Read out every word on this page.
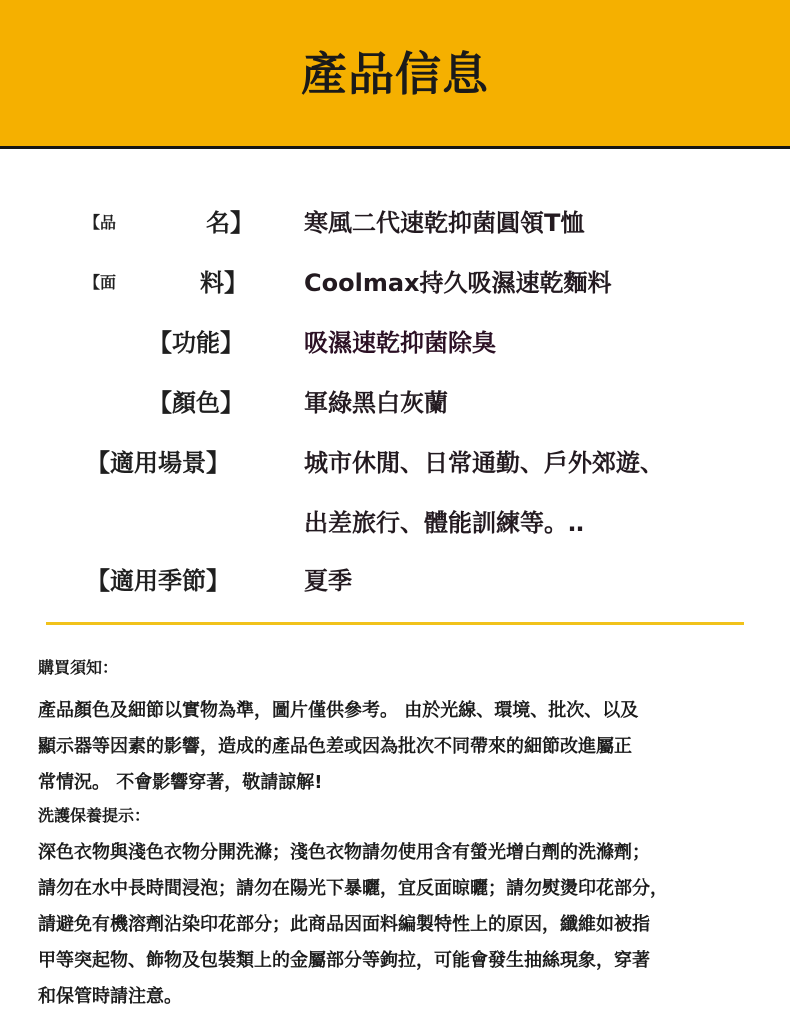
產品信息
【品	名】 寒風二代速乾抑菌圓領T恤
【面	料】 Coolmax持久吸濕速乾麵料
【功能】	吸濕速乾抑菌除臭
【顏色】	軍綠黑白灰蘭
【適用場景】	城市休閒、日常通勤、戶外郊遊、
出差旅行、體能訓練等。‥
【適用季節】	夏季
購買須知：
產品顏色及細節以實物為準，圖片僅供參考。 由於光線、環境、批次、以及
顯示器等因素的影響，造成的產品色差或因為批次不同帶來的細節改進屬正
常情況。 不會影響穿著，敬請諒解!
洗護保養提示：
深色衣物與淺色衣物分開洗滌；淺色衣物請勿使用含有螢光增白劑的洗滌劑；
請勿在水中長時間浸泡；請勿在陽光下暴曬，宜反面晾曬；請勿熨燙印花部分，
請避免有機溶劑沾染印花部分；此商品因面料編製特性上的原因，纖維如被指
甲等突起物、飾物及包裝類上的金屬部分等鉤拉，可能會發生抽絲現象，穿著
和保管時請注意。
